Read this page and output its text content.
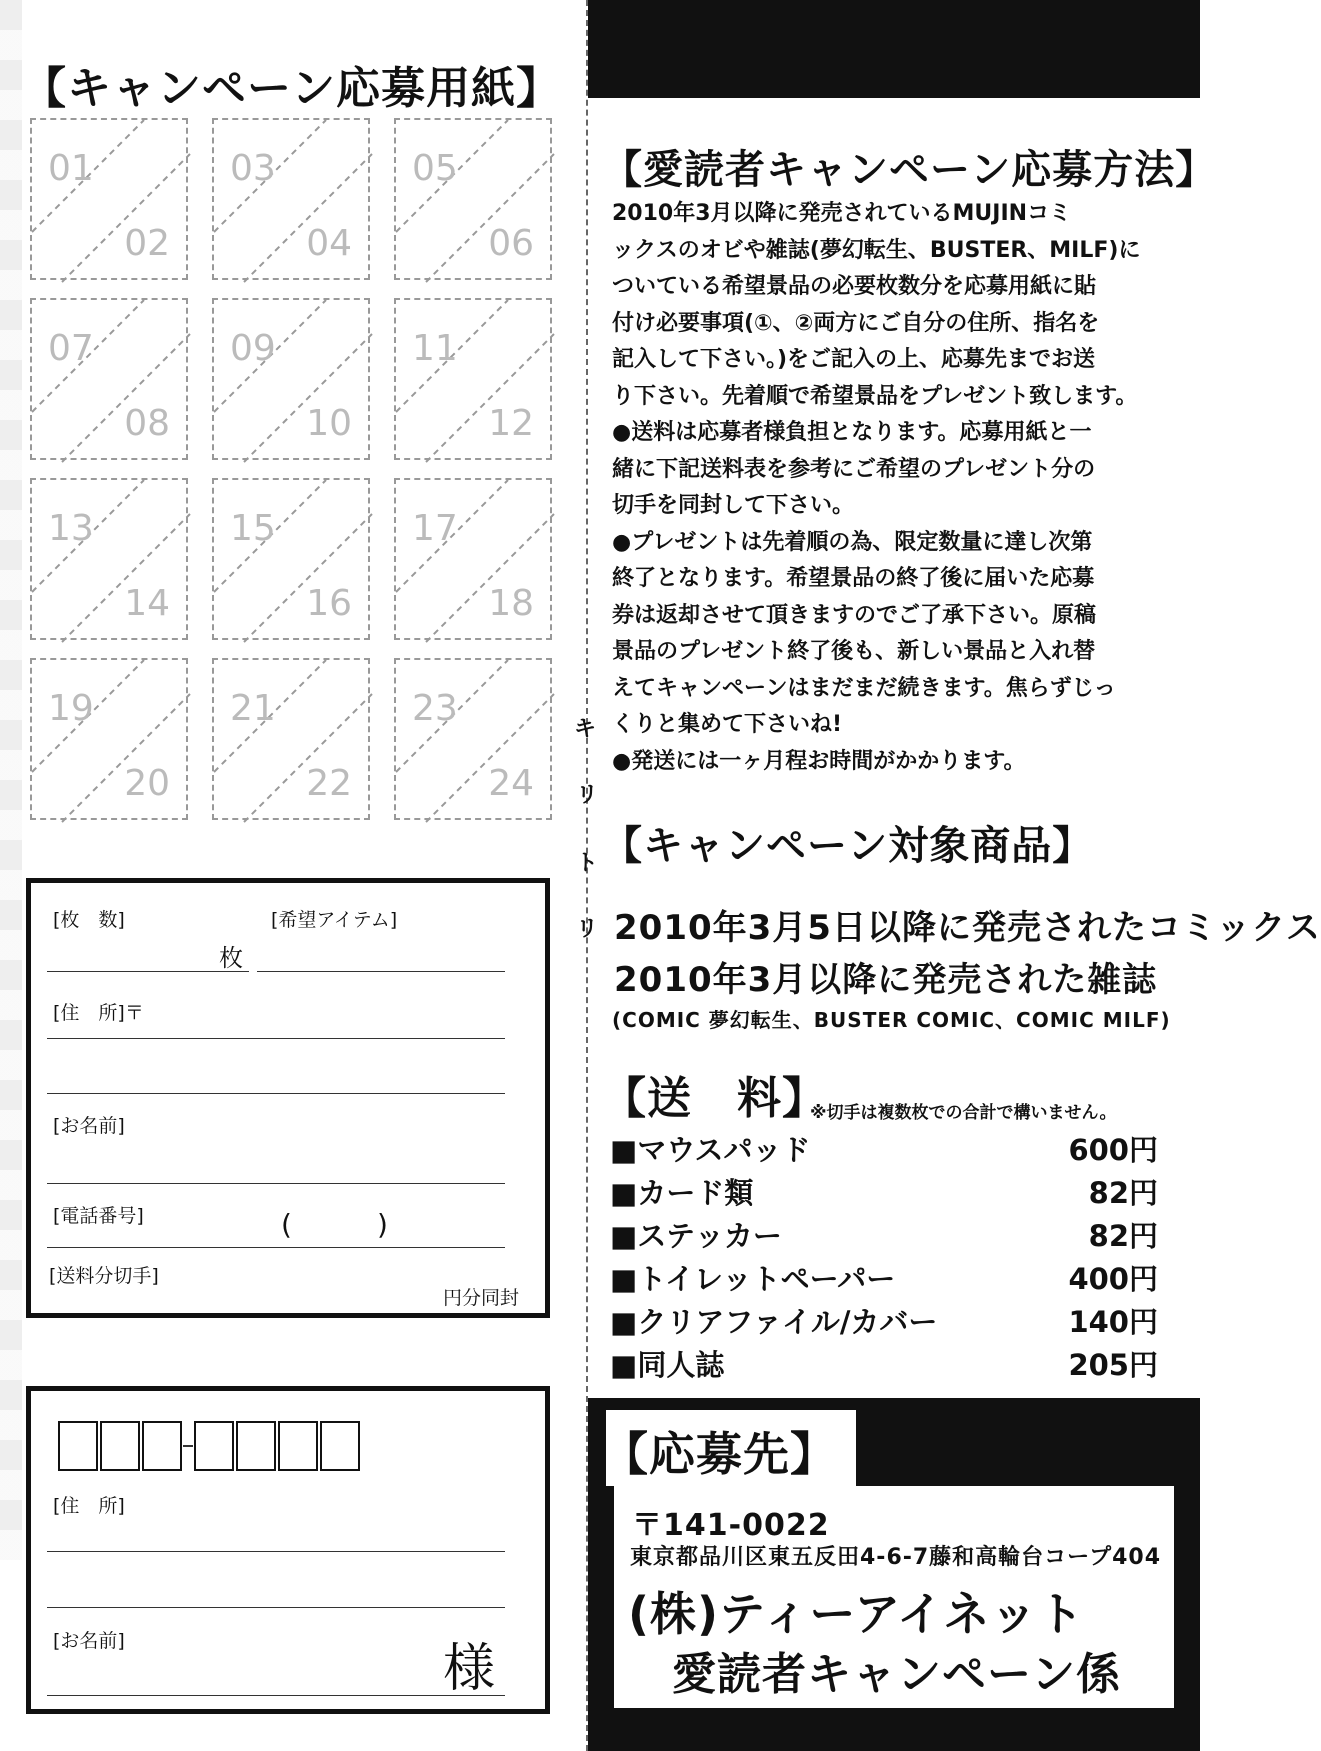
【キャンペーン応募用紙】
01
02
03
04
05
06
07
08
09
10
11
12
13
14
15
16
17
18
19
20
21
22
23
24
[枚　数]	[希望アイテム]
枚
[住　所]〒
[お名前]
[電話番号]	(	)
[送料分切手]
円分同封
[住　所]
[お名前]	様
キ
リ
ト
リ
【愛読者キャンペーン応募方法】
2010年3月以降に発売されているMUJINコミ
ックスのオビや雑誌(夢幻転生、BUSTER、MILF)に
ついている希望景品の必要枚数分を応募用紙に貼
付け必要事項(①、②両方にご自分の住所、指名を
記入して下さい。)をご記入の上、応募先までお送
り下さい。先着順で希望景品をプレゼント致します。
●送料は応募者様負担となります。応募用紙と一
緒に下記送料表を参考にご希望のプレゼント分の
切手を同封して下さい。
●プレゼントは先着順の為、限定数量に達し次第
終了となります。希望景品の終了後に届いた応募
券は返却させて頂きますのでご了承下さい。原稿
景品のプレゼント終了後も、新しい景品と入れ替
えてキャンペーンはまだまだ続きます。焦らずじっ
くりと集めて下さいね!
●発送には一ヶ月程お時間がかかります。
【キャンペーン対象商品】
2010年3月5日以降に発売されたコミックス
2010年3月以降に発売された雑誌
(COMIC 夢幻転生、BUSTER COMIC、COMIC MILF)
【送　料】
※切手は複数枚での合計で構いません。
■マウスパッド	600円
■カード類	82円
■ステッカー	82円
■トイレットペーパー	400円
■クリアファイル/カバー	140円
■同人誌	205円
【応募先】
〒141-0022
東京都品川区東五反田4-6-7藤和高輪台コープ404
(株)ティーアイネット
愛読者キャンペーン係
